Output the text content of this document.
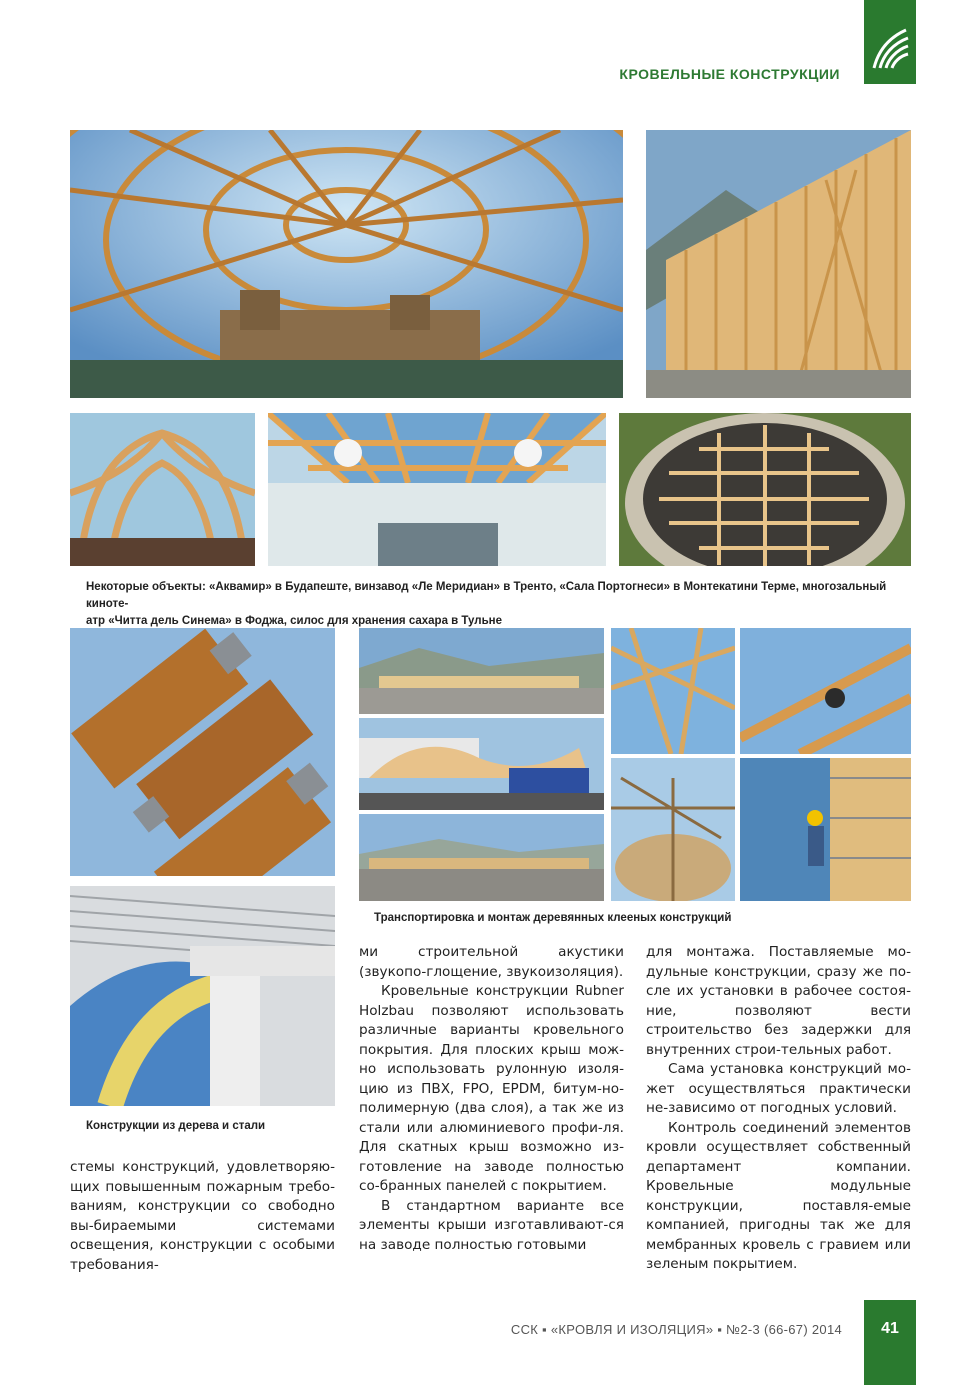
КРОВЕЛЬНЫЕ КОНСТРУКЦИИ
Некоторые объекты: «Аквамир» в Будапеште, винзавод «Ле Меридиан» в Тренто, «Сала Портогнеси» в Монтекатини Терме, многозальный кинотe-
атр «Читта дель Синема» в Фоджа, силос для хранения сахара в Тульне
Конструкции из дерева и стали
Транспортировка и монтаж деревянных клееных конструкций

стемы конструкций, удовлетворяю-щих повышенным пожарным требо-ваниям, конструкции со свободно вы-бираемыми системами освещения, конструкции с особыми требования-

ми строительной акустики (звукопо-глощение, звукоизоляция).

Кровельные конструкции Rubner Holzbau позволяют использовать различные варианты кровельного покрытия. Для плоских крыш мож-но использовать рулонную изоля-цию из ПВХ, FPO, EPDM, битум-но-полимерную (два слоя), а так же из стали или алюминиевого профи-ля. Для скатных крыш возможно из-готовление на заводе полностью со-бранных панелей с покрытием.

В стандартном варианте все элементы крыши изготавливают-ся на заводе полностью готовыми

для монтажа. Поставляемые мо-дульные конструкции, сразу же по-сле их установки в рабочее состоя-ние, позволяют вести строительство без задержки для внутренних строи-тельных работ.

Сама установка конструкций мо-жет осуществляться практически не-зависимо от погодных условий.

Контроль соединений элементов кровли осуществляет собственный департамент компании. Кровельные модульные конструкции, поставля-емые компанией, пригодны так же для мембранных кровель с гравием или зеленым покрытием.

ССК ▪ «КРОВЛЯ И ИЗОЛЯЦИЯ» ▪ №2-3 (66-67) 2014	41
